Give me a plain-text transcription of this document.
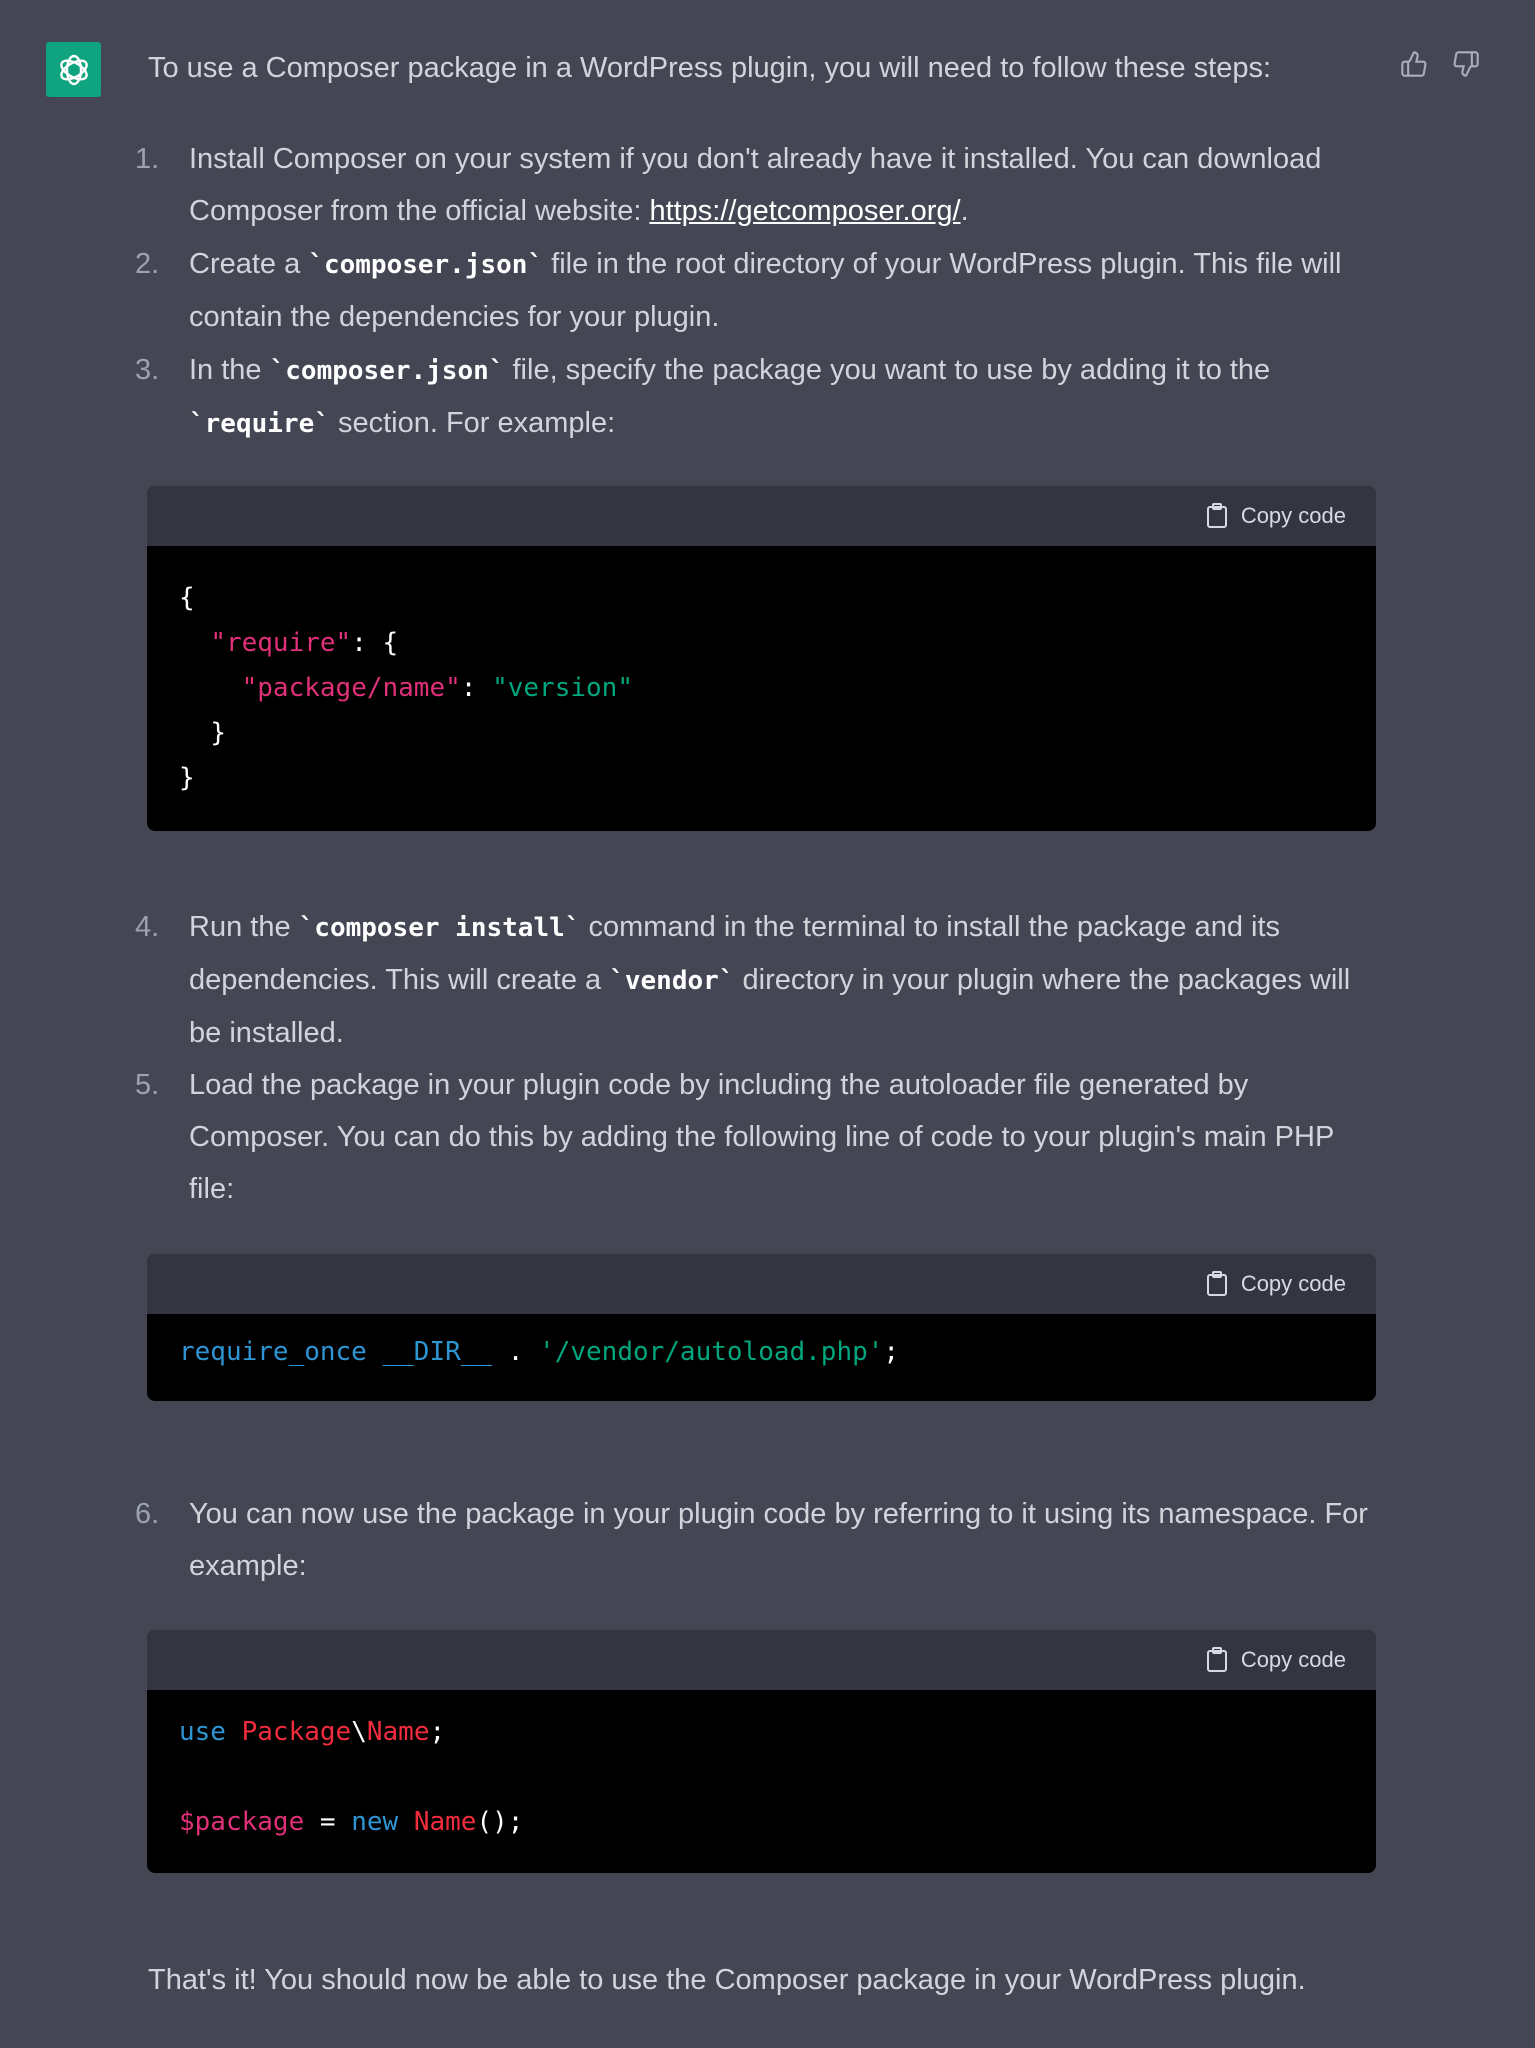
To use a Composer package in a WordPress plugin, you will need to follow these steps:
1. Install Composer on your system if you don't already have it installed. You can download Composer from the official website: https://getcomposer.org/.
2. Create a `composer.json` file in the root directory of your WordPress plugin. This file will contain the dependencies for your plugin.
3. In the `composer.json` file, specify the package you want to use by adding it to the `require` section. For example:
Copy code
{
"require": {
"package/name": "version"
}
}
4. Run the `composer install` command in the terminal to install the package and its dependencies. This will create a `vendor` directory in your plugin where the packages will be installed.
5. Load the package in your plugin code by including the autoloader file generated by Composer. You can do this by adding the following line of code to your plugin's main PHP file:
Copy code
require_once __DIR__ . '/vendor/autoload.php';
6. You can now use the package in your plugin code by referring to it using its namespace. For example:
Copy code
use Package\Name;

$package = new Name();
That's it! You should now be able to use the Composer package in your WordPress plugin.
